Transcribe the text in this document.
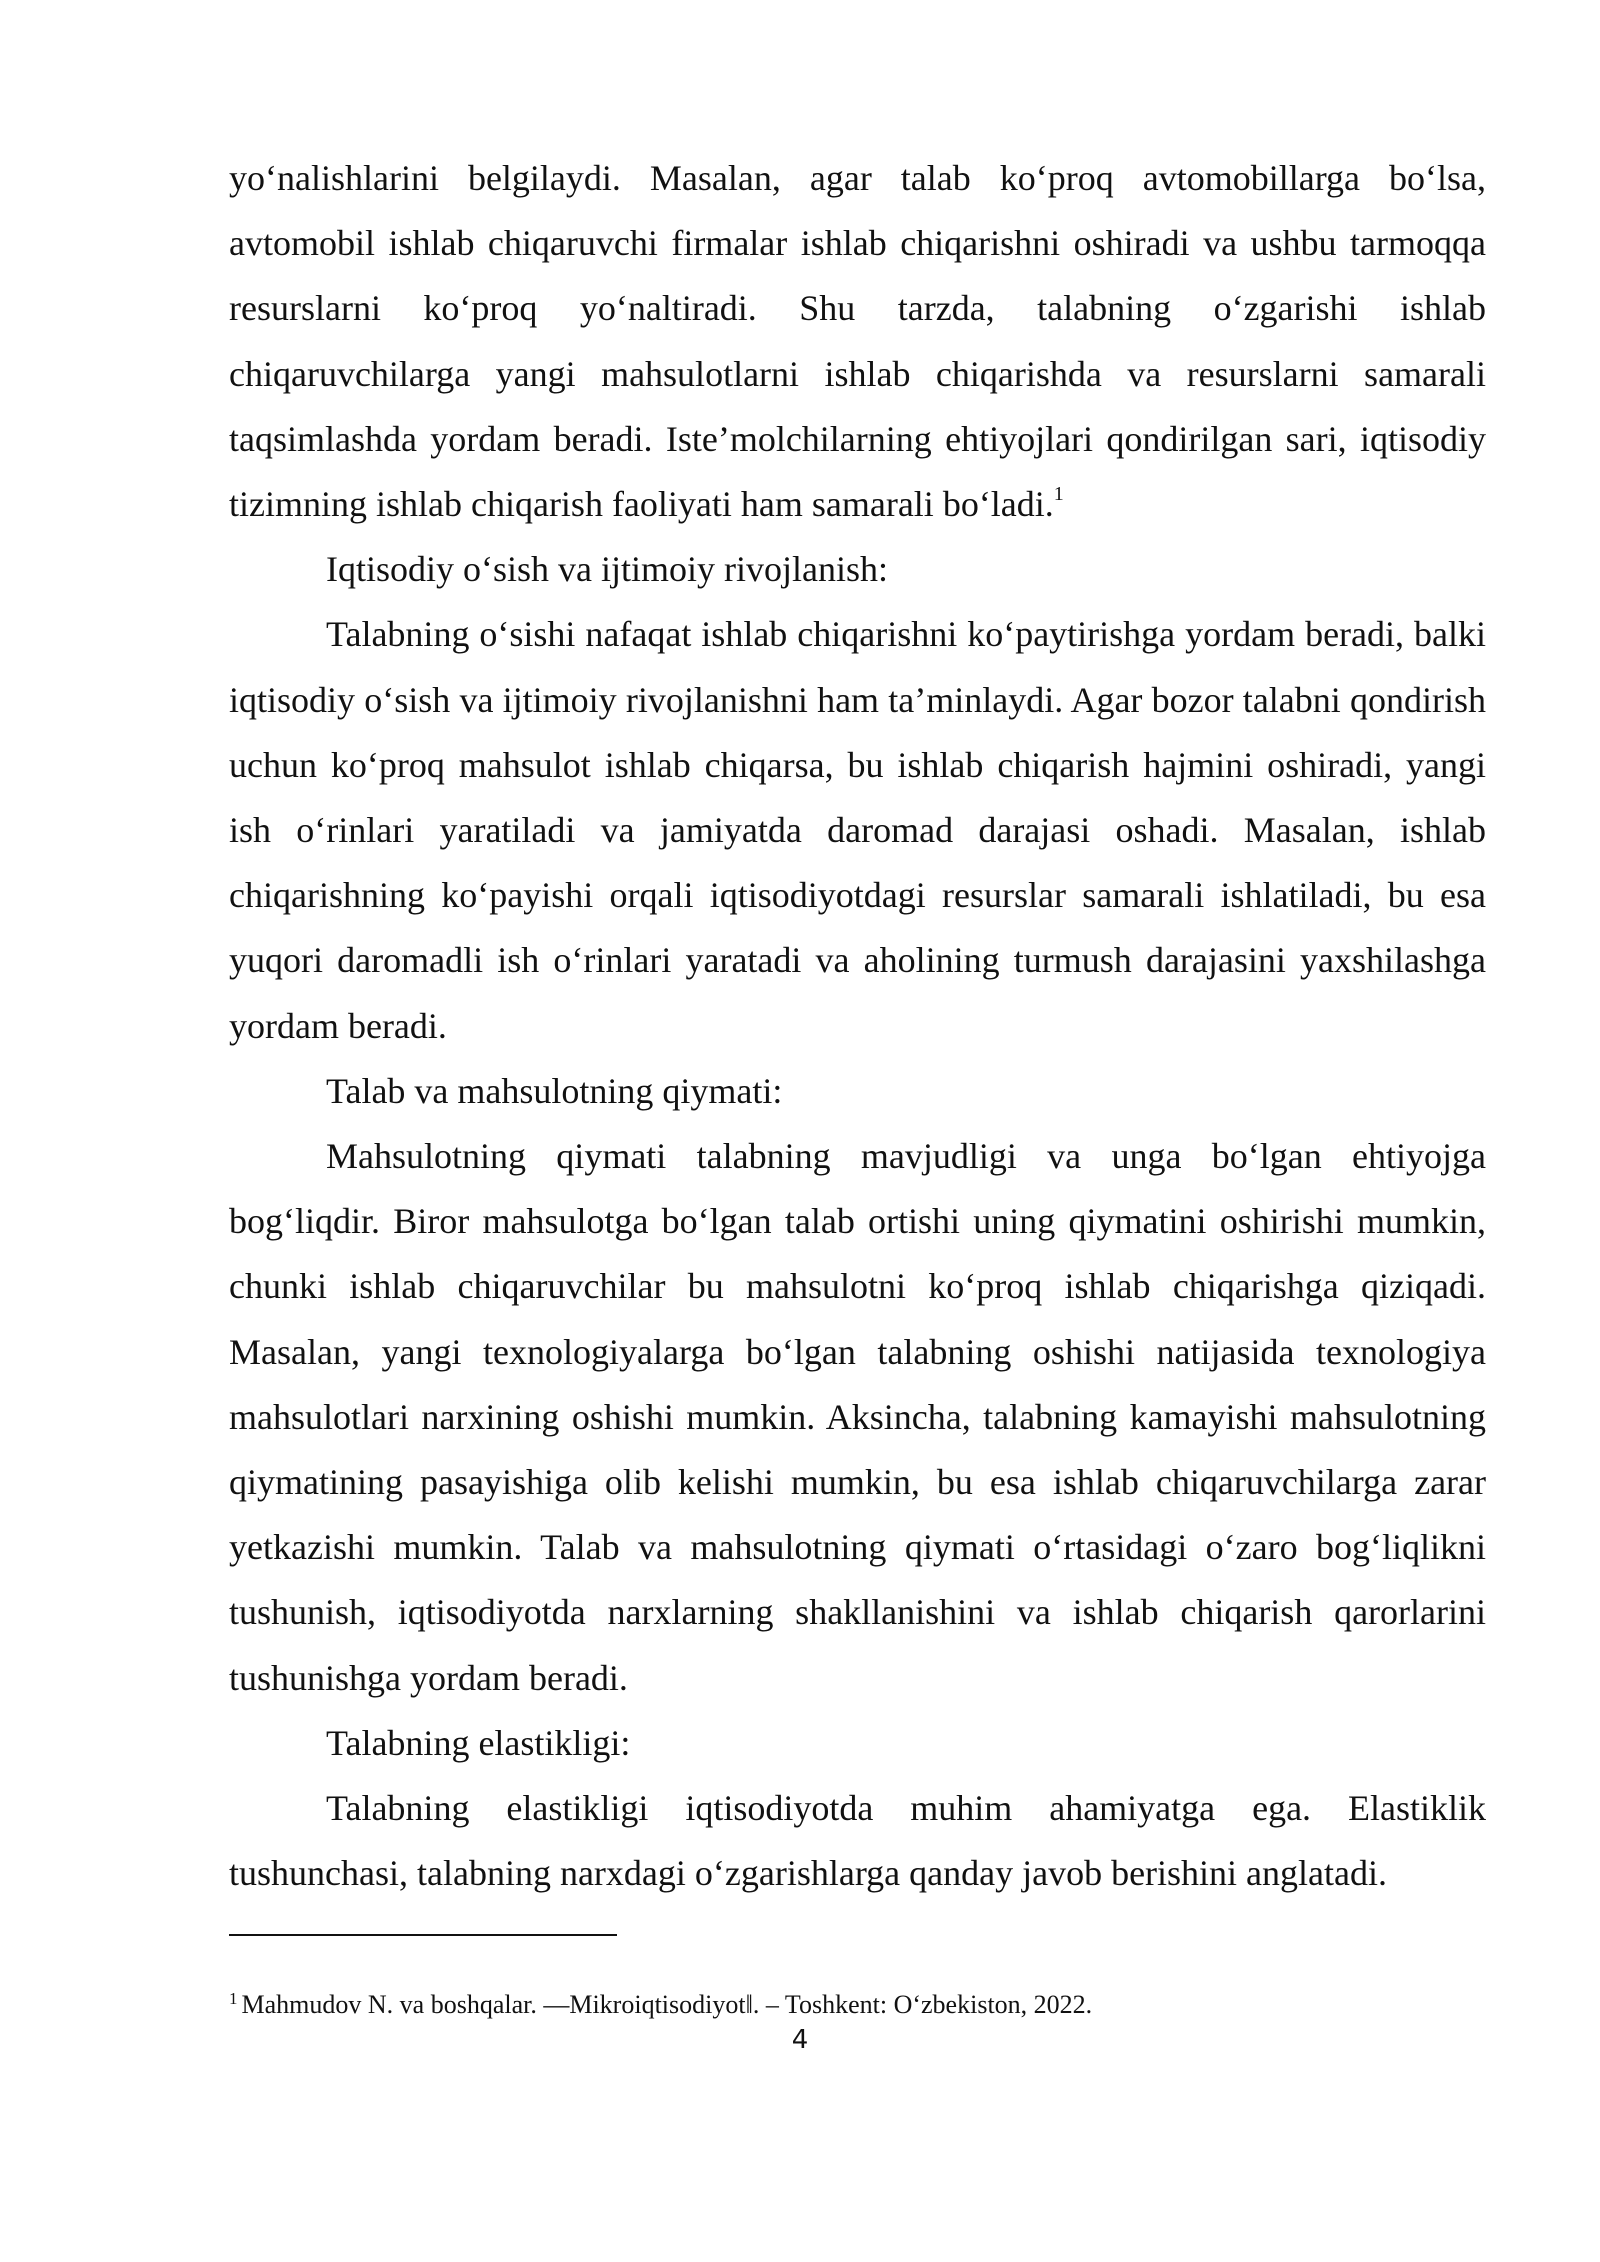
yo‘nalishlarini belgilaydi. Masalan, agar talab ko‘proq avtomobillarga bo‘lsa, avtomobil ishlab chiqaruvchi firmalar ishlab chiqarishni oshiradi va ushbu tarmoqqa resurslarni ko‘proq yo‘naltiradi. Shu tarzda, talabning o‘zgarishi ishlab chiqaruvchilarga yangi mahsulotlarni ishlab chiqarishda va resurslarni samarali taqsimlashda yordam beradi. Iste’molchilarning ehtiyojlari qondirilgan sari, iqtisodiy tizimning ishlab chiqarish faoliyati ham samarali bo‘ladi.$^1$

Iqtisodiy o‘sish va ijtimoiy rivojlanish:

Talabning o‘sishi nafaqat ishlab chiqarishni ko‘paytirishga yordam beradi, balki iqtisodiy o‘sish va ijtimoiy rivojlanishni ham ta’minlaydi. Agar bozor talabni qondirish uchun ko‘proq mahsulot ishlab chiqarsa, bu ishlab chiqarish hajmini oshiradi, yangi ish o‘rinlari yaratiladi va jamiyatda daromad darajasi oshadi. Masalan, ishlab chiqarishning ko‘payishi orqali iqtisodiyotdagi resurslar samarali ishlatiladi, bu esa yuqori daromadli ish o‘rinlari yaratadi va aholining turmush darajasini yaxshilashga yordam beradi.

Talab va mahsulotning qiymati:

Mahsulotning qiymati talabning mavjudligi va unga bo‘lgan ehtiyojga bog‘liqdir. Biror mahsulotga bo‘lgan talab ortishi uning qiymatini oshirishi mumkin, chunki ishlab chiqaruvchilar bu mahsulotni ko‘proq ishlab chiqarishga qiziqadi. Masalan, yangi texnologiyalarga bo‘lgan talabning oshishi natijasida texnologiya mahsulotlari narxining oshishi mumkin. Aksincha, talabning kamayishi mahsulotning qiymatining pasayishiga olib kelishi mumkin, bu esa ishlab chiqaruvchilarga zarar yetkazishi mumkin. Talab va mahsulotning qiymati o‘rtasidagi o‘zaro bog‘liqlikni tushunish, iqtisodiyotda narxlarning shakllanishini va ishlab chiqarish qarorlarini tushunishga yordam beradi.

Talabning elastikligi:

Talabning elastikligi iqtisodiyotda muhim ahamiyatga ega. Elastiklik tushunchasi, talabning narxdagi o‘zgarishlarga qanday javob berishini anglatadi.

$^1$ Mahmudov N. va boshqalar. ―Mikroiqtisodiyot‖. – Toshkent: O‘zbekiston, 2022.
4
